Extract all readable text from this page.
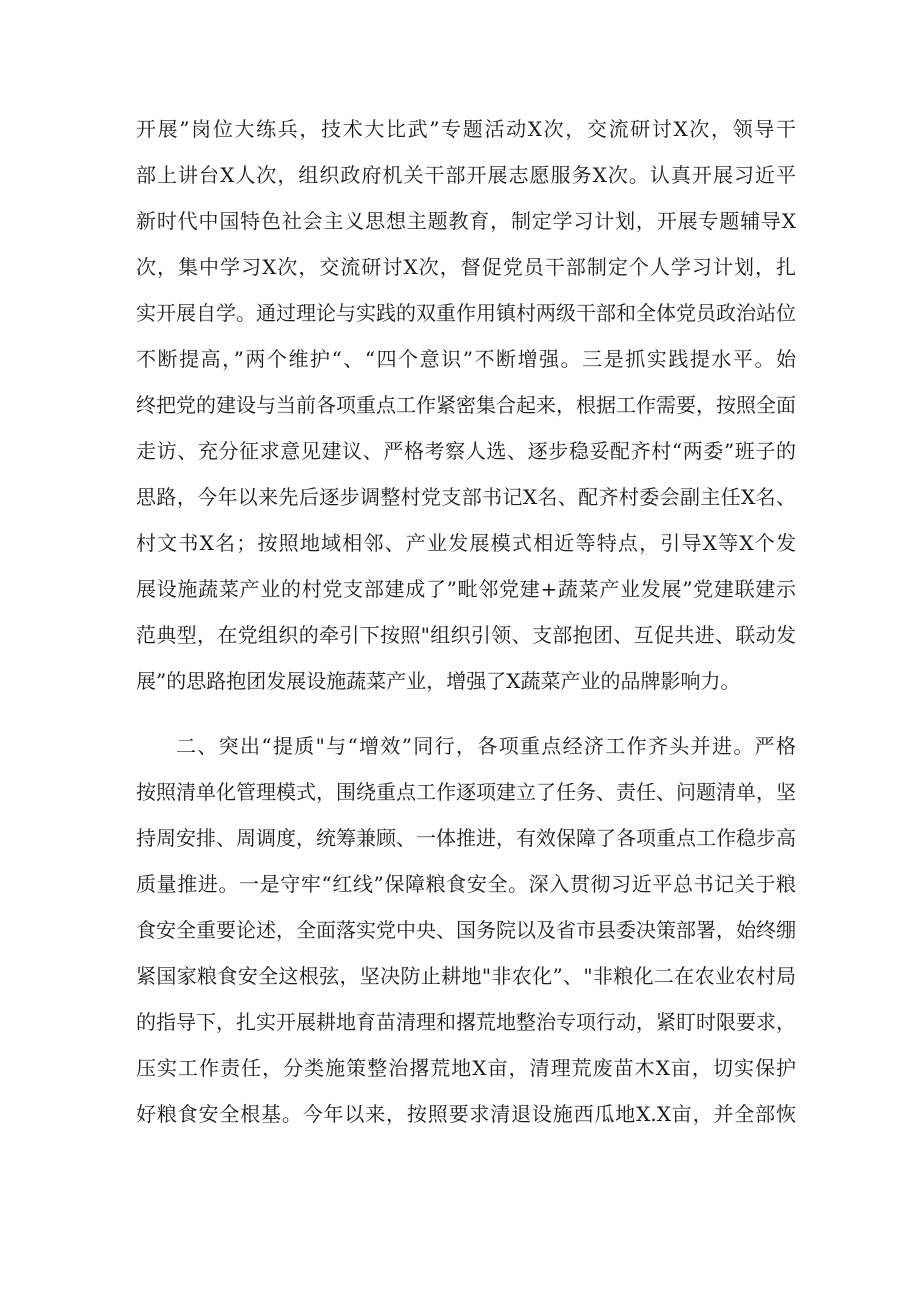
开展”岗位大练兵，技术大比武”专题活动X次，交流研讨X次，领导干
部上讲台X人次，组织政府机关干部开展志愿服务X次。认真开展习近平
新时代中国特色社会主义思想主题教育，制定学习计划，开展专题辅导X
次，集中学习X次，交流研讨X次，督促党员干部制定个人学习计划，扎
实开展自学。通过理论与实践的双重作用镇村两级干部和全体党员政治站位
不断提高，”两个维护“、“四个意识”不断增强。三是抓实践提水平。始
终把党的建设与当前各项重点工作紧密集合起来，根据工作需要，按照全面
走访、充分征求意见建议、严格考察人选、逐步稳妥配齐村“两委”班子的
思路，今年以来先后逐步调整村党支部书记X名、配齐村委会副主任X名、
村文书X名；按照地域相邻、产业发展模式相近等特点，引导X等X个发
展设施蔬菜产业的村党支部建成了”毗邻党建+蔬菜产业发展”党建联建示
范典型，在党组织的牵引下按照"组织引领、支部抱团、互促共进、联动发
展”的思路抱团发展设施蔬菜产业，增强了X蔬菜产业的品牌影响力。
二、突出“提质"与“增效”同行，各项重点经济工作齐头并进。严格
按照清单化管理模式，围绕重点工作逐项建立了任务、责任、问题清单，坚
持周安排、周调度，统筹兼顾、一体推进，有效保障了各项重点工作稳步高
质量推进。一是守牢“红线”保障粮食安全。深入贯彻习近平总书记关于粮
食安全重要论述，全面落实党中央、国务院以及省市县委决策部署，始终绷
紧国家粮食安全这根弦，坚决防止耕地"非农化”、"非粮化二在农业农村局
的指导下，扎实开展耕地育苗清理和撂荒地整治专项行动，紧盯时限要求，
压实工作责任，分类施策整治撂荒地X亩，清理荒废苗木X亩，切实保护
好粮食安全根基。今年以来，按照要求清退设施西瓜地X.X亩，并全部恢
